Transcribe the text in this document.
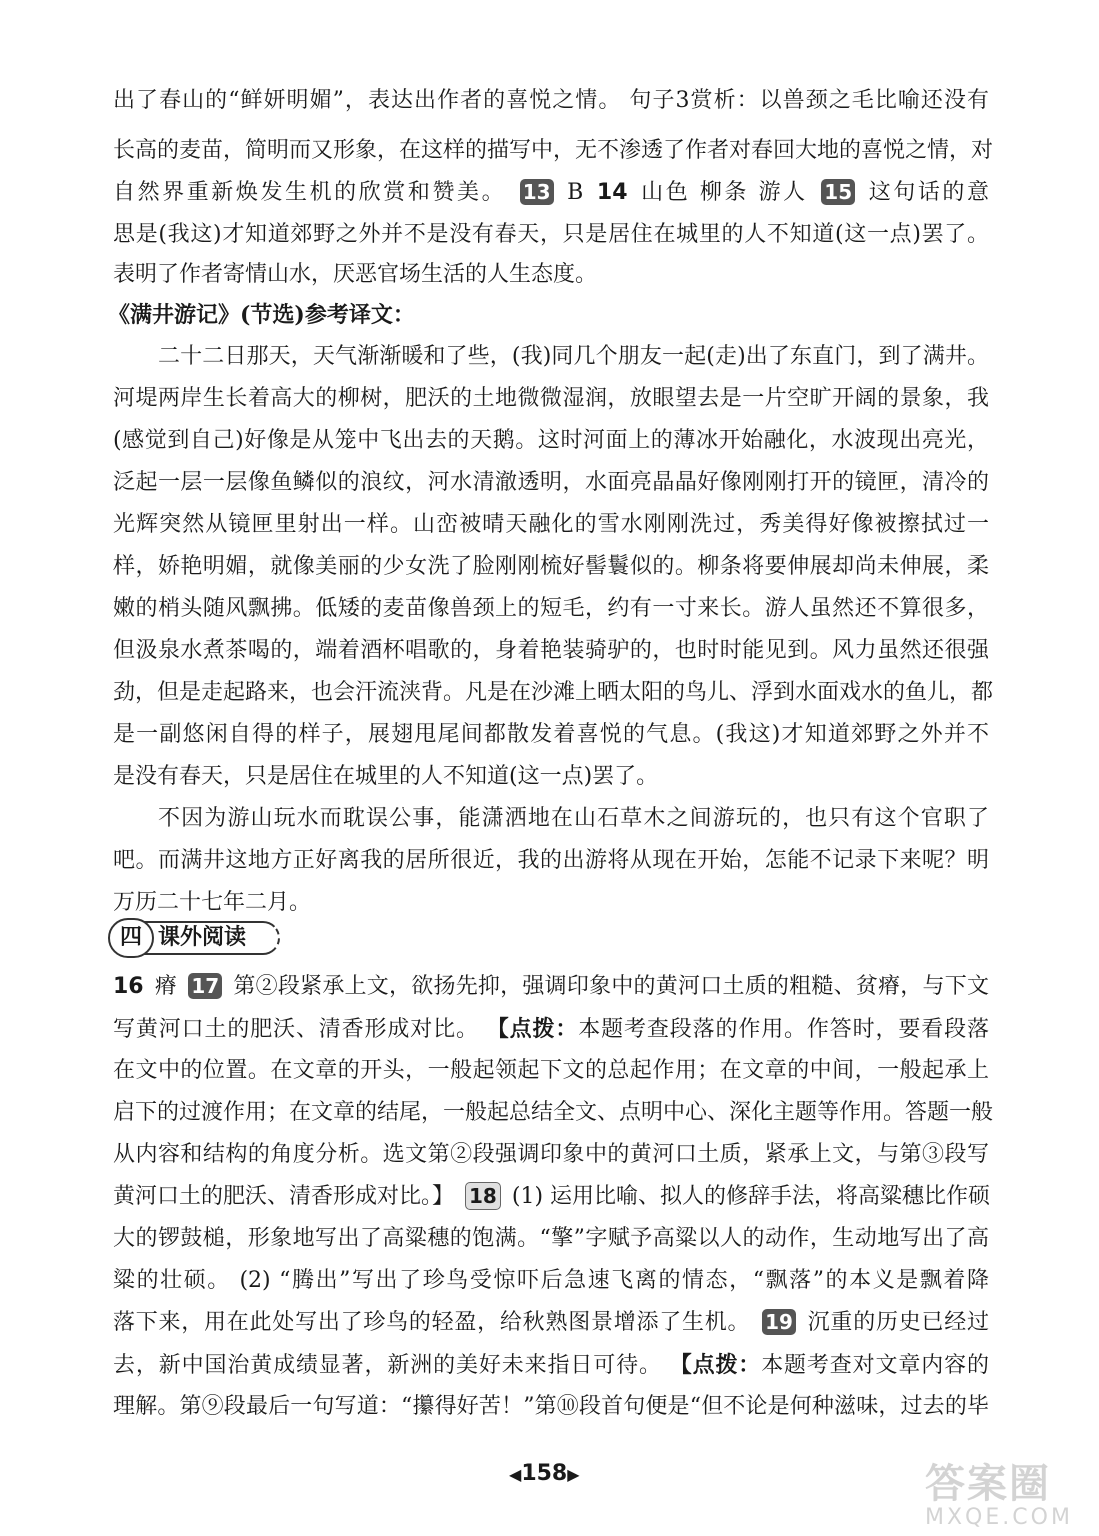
出了春山的“鲜妍明媚”，表达出作者的喜悦之情。 句子3赏析：以兽颈之毛比喻还没有
长高的麦苗，简明而又形象，在这样的描写中，无不渗透了作者对春回大地的喜悦之情，对
自然界重新焕发生机的欣赏和赞美。 13 B 14 山色 柳条 游人 15 这句话的意
思是(我这)才知道郊野之外并不是没有春天，只是居住在城里的人不知道(这一点)罢了。
表明了作者寄情山水，厌恶官场生活的人生态度。
《满井游记》(节选)参考译文：
二十二日那天，天气渐渐暖和了些，(我)同几个朋友一起(走)出了东直门，到了满井。
河堤两岸生长着高大的柳树，肥沃的土地微微湿润，放眼望去是一片空旷开阔的景象，我
(感觉到自己)好像是从笼中飞出去的天鹅。这时河面上的薄冰开始融化，水波现出亮光，
泛起一层一层像鱼鳞似的浪纹，河水清澈透明，水面亮晶晶好像刚刚打开的镜匣，清冷的
光辉突然从镜匣里射出一样。山峦被晴天融化的雪水刚刚洗过，秀美得好像被擦拭过一
样，娇艳明媚，就像美丽的少女洗了脸刚刚梳好髻鬟似的。柳条将要伸展却尚未伸展，柔
嫩的梢头随风飘拂。低矮的麦苗像兽颈上的短毛，约有一寸来长。游人虽然还不算很多，
但汲泉水煮茶喝的，端着酒杯唱歌的，身着艳装骑驴的，也时时能见到。风力虽然还很强
劲，但是走起路来，也会汗流浃背。凡是在沙滩上晒太阳的鸟儿、浮到水面戏水的鱼儿，都
是一副悠闲自得的样子，展翅甩尾间都散发着喜悦的气息。(我这)才知道郊野之外并不
是没有春天，只是居住在城里的人不知道(这一点)罢了。
不因为游山玩水而耽误公事，能潇洒地在山石草木之间游玩的，也只有这个官职了
吧。而满井这地方正好离我的居所很近，我的出游将从现在开始，怎能不记录下来呢？明
万历二十七年二月。
课外阅读
四
16 瘠 17 第②段紧承上文，欲扬先抑，强调印象中的黄河口土质的粗糙、贫瘠，与下文
写黄河口土的肥沃、清香形成对比。 【点拨：本题考查段落的作用。作答时，要看段落
在文中的位置。在文章的开头，一般起领起下文的总起作用；在文章的中间，一般起承上
启下的过渡作用；在文章的结尾，一般起总结全文、点明中心、深化主题等作用。答题一般
从内容和结构的角度分析。选文第②段强调印象中的黄河口土质，紧承上文，与第③段写
黄河口土的肥沃、清香形成对比。】 18 (1) 运用比喻、拟人的修辞手法，将高粱穗比作硕
大的锣鼓槌，形象地写出了高粱穗的饱满。“擎”字赋予高粱以人的动作，生动地写出了高
粱的壮硕。 (2) “腾出”写出了珍鸟受惊吓后急速飞离的情态，“飘落”的本义是飘着降
落下来，用在此处写出了珍鸟的轻盈，给秋熟图景增添了生机。 19 沉重的历史已经过
去，新中国治黄成绩显著，新洲的美好未来指日可待。 【点拨：本题考查对文章内容的
理解。第⑨段最后一句写道：“攥得好苦！”第⑩段首句便是“但不论是何种滋味，过去的毕
◀158▶	答案圈
MXQE.COM
